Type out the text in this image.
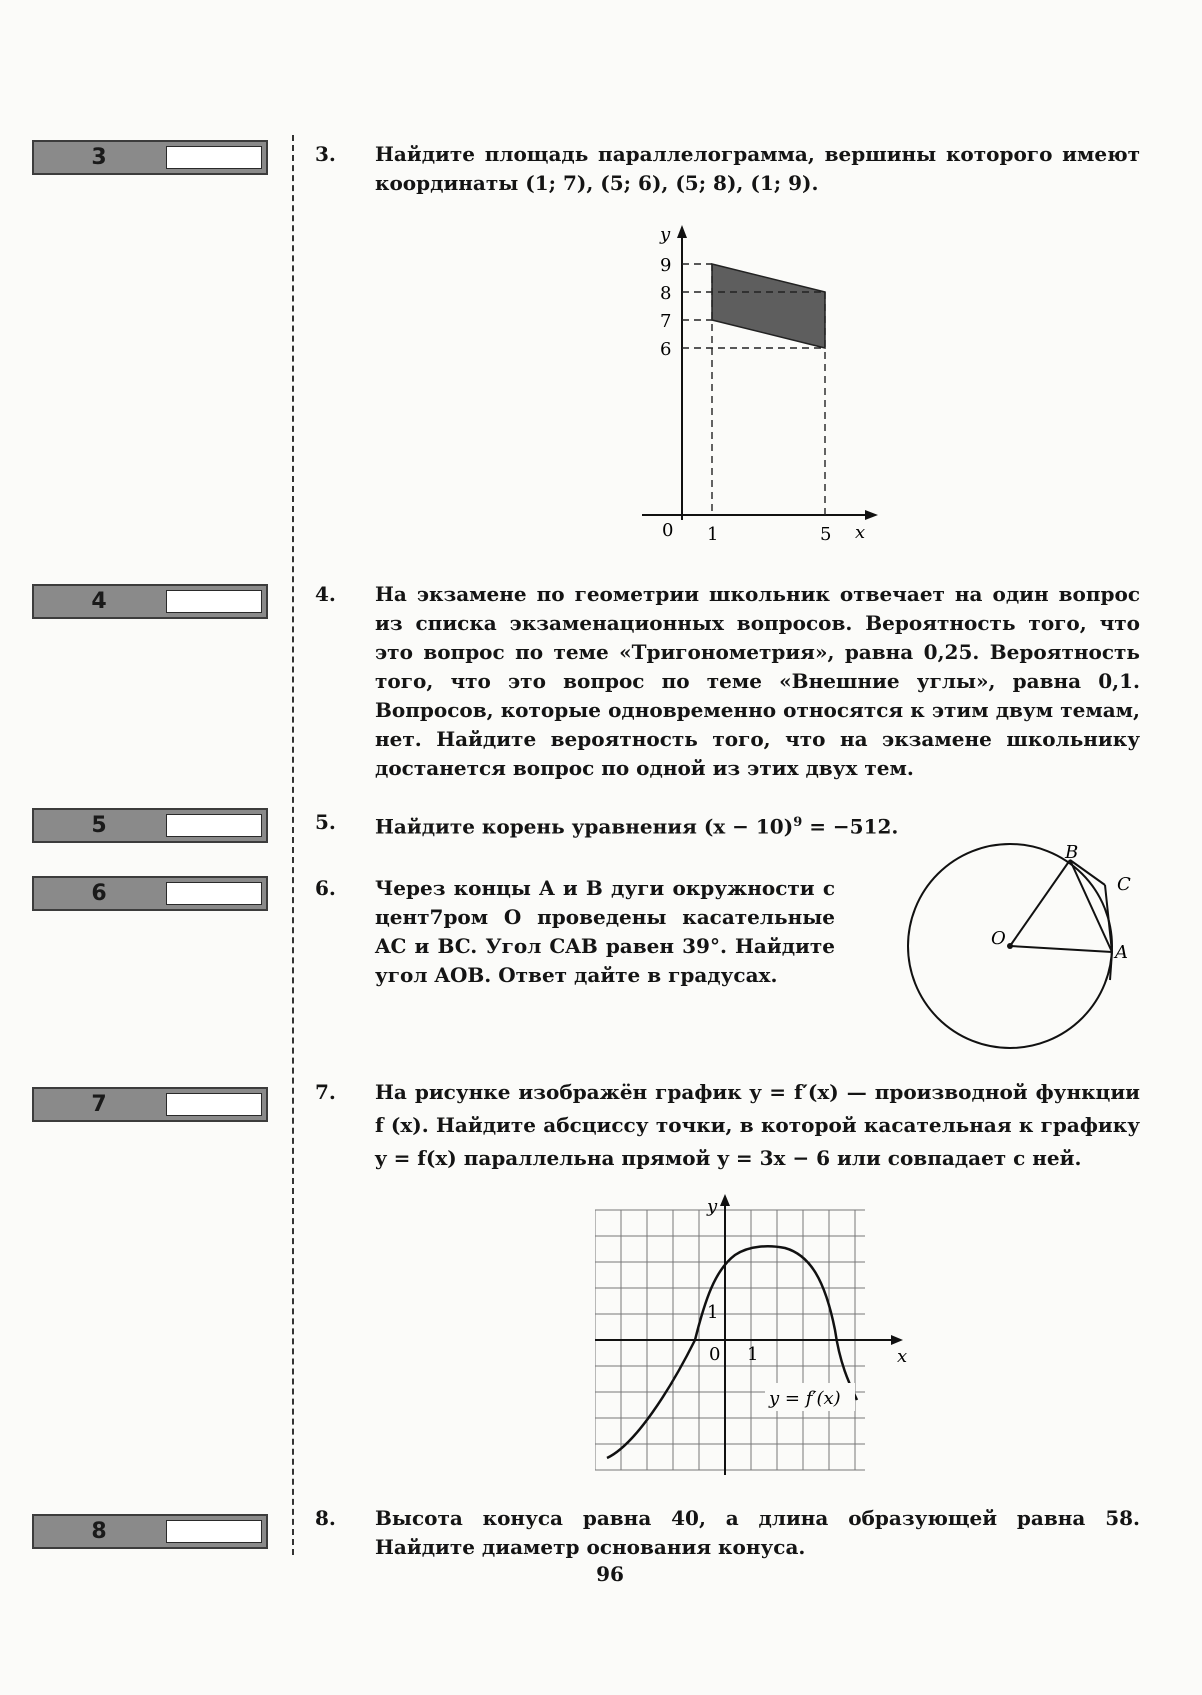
3
4
5
6
7
8
3. Найдите площадь параллелограмма, вершины которого имеют координаты (1; 7), (5; 6), (5; 8), (1; 9).
y
9
8
7
6
0 1	5 x
4. На экзамене по геометрии школьник отвечает на один вопрос из списка экзаменационных вопросов. Вероятность того, что это вопрос по теме «Тригонометрия», равна 0,25. Вероятность того, что это вопрос по теме «Внешние углы», равна 0,1. Вопросов, которые одновременно относятся к этим двум темам, нет. Найдите вероятность того, что на экзамене школьнику достанется вопрос по одной из этих двух тем.
5. Найдите корень уравнения $(x - 10)^9 = -512$.
6. Через концы A и B дуги окружности с цент7ром O проведены касательные AC и BC. Угол CAB равен 39°. Найдите угол AOB. Ответ дайте в градусах.
O
A
B
C
7. На рисунке изображён график y = f′(x) — производной функции f (x). Найдите абсциссу точки, в которой касательная к графику y = f(x) параллельна прямой y = 3x − 6 или совпадает с ней.
y
x
0 1
1
y = f′(x)
8. Высота конуса равна 40, а длина образующей равна 58. Найдите диаметр основания конуса.
96
